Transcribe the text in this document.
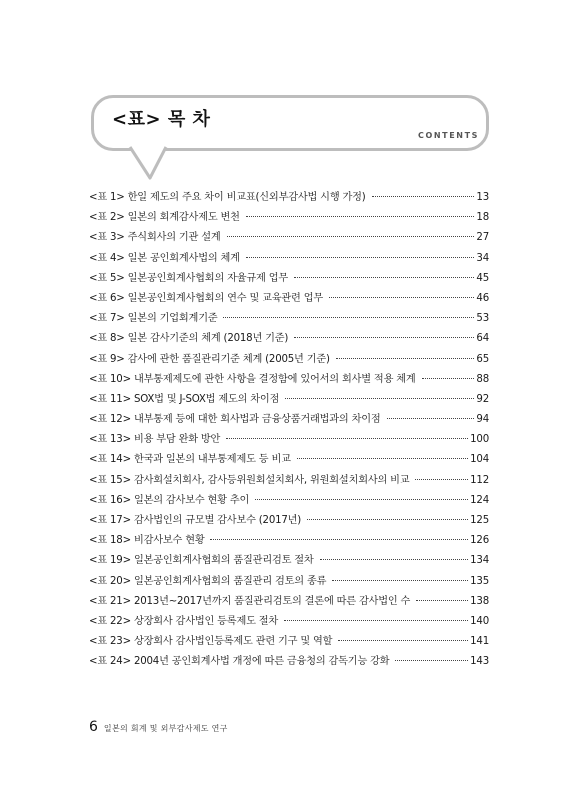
<표> 목 차
CONTENTS
<표 1> 한일 제도의 주요 차이 비교표(신외부감사법 시행 가정)	13
<표 2> 일본의 회계감사제도 변천	18
<표 3> 주식회사의 기관 설계	27
<표 4> 일본 공인회계사법의 체계	34
<표 5> 일본공인회계사협회의 자율규제 업무	45
<표 6> 일본공인회계사협회의 연수 및 교육관련 업무	46
<표 7> 일본의 기업회계기준	53
<표 8> 일본 감사기준의 체계 (2018년 기준)	64
<표 9> 감사에 관한 품질관리기준 체계 (2005년 기준)	65
<표 10> 내부통제제도에 관한 사항을 결정함에 있어서의 회사별 적용 체계	88
<표 11> SOX법 및 J-SOX법 제도의 차이점	92
<표 12> 내부통제 등에 대한 회사법과 금융상품거래법과의 차이점	94
<표 13> 비용 부담 완화 방안	100
<표 14> 한국과 일본의 내부통제제도 등 비교	104
<표 15> 감사회설치회사, 감사등위원회설치회사, 위원회설치회사의 비교	112
<표 16> 일본의 감사보수 현황 추이	124
<표 17> 감사법인의 규모별 감사보수 (2017년)	125
<표 18> 비감사보수 현황	126
<표 19> 일본공인회계사협회의 품질관리검토 절차	134
<표 20> 일본공인회계사협회의 품질관리 검토의 종류	135
<표 21> 2013년~2017년까지 품질관리검토의 결론에 따른 감사법인 수	138
<표 22> 상장회사 감사법인 등록제도 절차	140
<표 23> 상장회사 감사법인등록제도 관련 기구 및 역할	141
<표 24> 2004년 공인회계사법 개정에 따른 금융청의 감독기능 강화	143
6 일본의 회계 및 외부감사제도 연구
